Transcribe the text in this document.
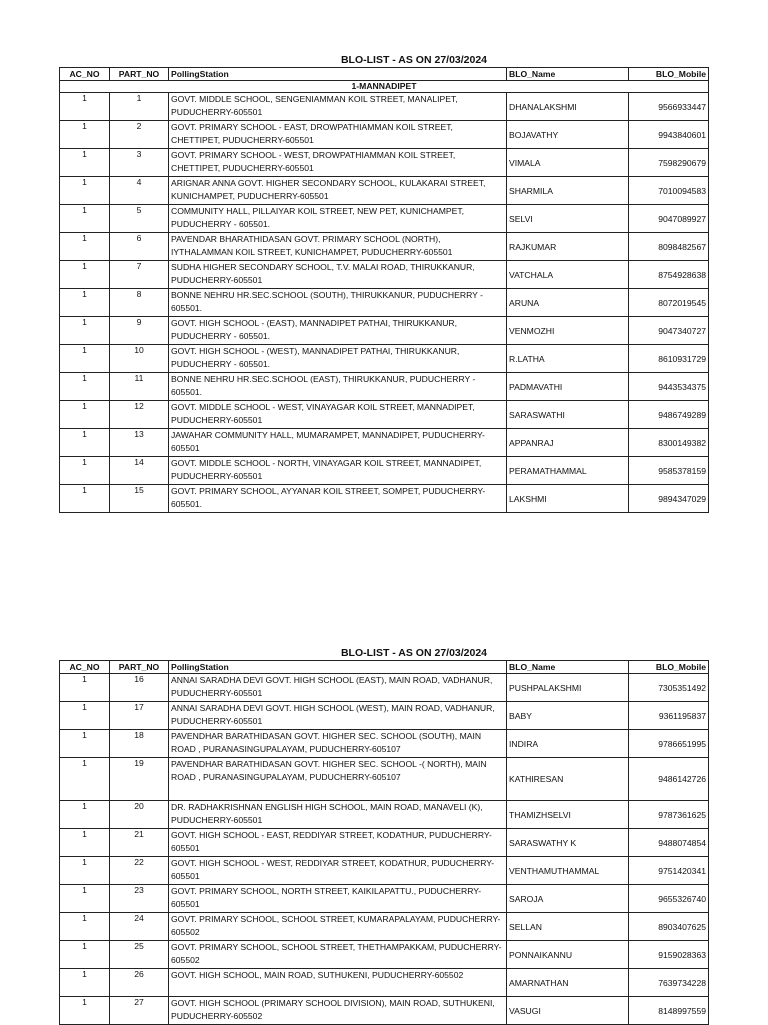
BLO-LIST - AS ON 27/03/2024
AC_NO	PART_NO	PollingStation	BLO_Name	BLO_Mobile
1-MANNADIPET				
1	1	GOVT. MIDDLE SCHOOL, SENGENIAMMAN KOIL STREET, MANALIPET, PUDUCHERRY-605501	DHANALAKSHMI	9566933447
1	2	GOVT. PRIMARY SCHOOL - EAST, DROWPATHIAMMAN KOIL STREET, CHETTIPET, PUDUCHERRY-605501	BOJAVATHY	9943840601
1	3	GOVT. PRIMARY SCHOOL - WEST, DROWPATHIAMMAN KOIL STREET, CHETTIPET, PUDUCHERRY-605501	VIMALA	7598290679
1	4	ARIGNAR ANNA GOVT. HIGHER SECONDARY SCHOOL, KULAKARAI STREET, KUNICHAMPET, PUDUCHERRY-605501	SHARMILA	7010094583
1	5	COMMUNITY HALL, PILLAIYAR KOIL STREET, NEW PET, KUNICHAMPET, PUDUCHERRY - 605501.	SELVI	9047089927
1	6	PAVENDAR BHARATHIDASAN GOVT. PRIMARY SCHOOL (NORTH), IYTHALAMMAN KOIL STREET, KUNICHAMPET, PUDUCHERRY-605501	RAJKUMAR	8098482567
1	7	SUDHA HIGHER SECONDARY SCHOOL, T.V. MALAI ROAD, THIRUKKANUR, PUDUCHERRY-605501	VATCHALA	8754928638
1	8	BONNE NEHRU HR.SEC.SCHOOL (SOUTH), THIRUKKANUR, PUDUCHERRY - 605501.	ARUNA	8072019545
1	9	GOVT. HIGH SCHOOL - (EAST), MANNADIPET PATHAI, THIRUKKANUR, PUDUCHERRY - 605501.	VENMOZHI	9047340727
1	10	GOVT. HIGH SCHOOL - (WEST), MANNADIPET PATHAI, THIRUKKANUR, PUDUCHERRY - 605501.	R.LATHA	8610931729
1	11	BONNE NEHRU HR.SEC.SCHOOL (EAST), THIRUKKANUR, PUDUCHERRY - 605501.	PADMAVATHI	9443534375
1	12	GOVT. MIDDLE SCHOOL - WEST, VINAYAGAR KOIL STREET, MANNADIPET, PUDUCHERRY-605501	SARASWATHI	9486749289
1	13	JAWAHAR COMMUNITY HALL, MUMARAMPET, MANNADIPET, PUDUCHERRY-605501	APPANRAJ	8300149382
1	14	GOVT. MIDDLE SCHOOL - NORTH, VINAYAGAR KOIL STREET, MANNADIPET, PUDUCHERRY-605501	PERAMATHAMMAL	9585378159
1	15	GOVT. PRIMARY SCHOOL, AYYANAR KOIL STREET, SOMPET, PUDUCHERRY-605501.	LAKSHMI	9894347029
BLO-LIST - AS ON 27/03/2024
AC_NO	PART_NO	PollingStation	BLO_Name	BLO_Mobile
1	16	ANNAI SARADHA DEVI GOVT. HIGH SCHOOL (EAST), MAIN ROAD, VADHANUR, PUDUCHERRY-605501	PUSHPALAKSHMI	7305351492
1	17	ANNAI SARADHA DEVI GOVT. HIGH SCHOOL (WEST), MAIN ROAD, VADHANUR, PUDUCHERRY-605501	BABY	9361195837
1	18	PAVENDHAR BARATHIDASAN GOVT. HIGHER SEC. SCHOOL (SOUTH), MAIN ROAD , PURANASINGUPALAYAM, PUDUCHERRY-605107	INDIRA	9786651995
1	19	PAVENDHAR BARATHIDASAN GOVT. HIGHER SEC. SCHOOL -( NORTH), MAIN ROAD , PURANASINGUPALAYAM, PUDUCHERRY-605107	KATHIRESAN	9486142726
1	20	DR. RADHAKRISHNAN ENGLISH HIGH SCHOOL, MAIN ROAD, MANAVELI (K), PUDUCHERRY-605501	THAMIZHSELVI	9787361625
1	21	GOVT. HIGH SCHOOL - EAST, REDDIYAR STREET, KODATHUR, PUDUCHERRY-605501	SARASWATHY K	9488074854
1	22	GOVT. HIGH SCHOOL - WEST, REDDIYAR STREET, KODATHUR, PUDUCHERRY-605501	VENTHAMUTHAMMAL	9751420341
1	23	GOVT. PRIMARY SCHOOL, NORTH STREET, KAIKILAPATTU., PUDUCHERRY-605501	SAROJA	9655326740
1	24	GOVT. PRIMARY SCHOOL, SCHOOL STREET, KUMARAPALAYAM, PUDUCHERRY-605502	SELLAN	8903407625
1	25	GOVT. PRIMARY SCHOOL, SCHOOL STREET, THETHAMPAKKAM, PUDUCHERRY-605502	PONNAIKANNU	9159028363
1	26	GOVT. HIGH SCHOOL, MAIN ROAD, SUTHUKENI, PUDUCHERRY-605502	AMARNATHAN	7639734228
1	27	GOVT. HIGH SCHOOL (PRIMARY SCHOOL DIVISION), MAIN ROAD, SUTHUKENI, PUDUCHERRY-605502	VASUGI	8148997559
